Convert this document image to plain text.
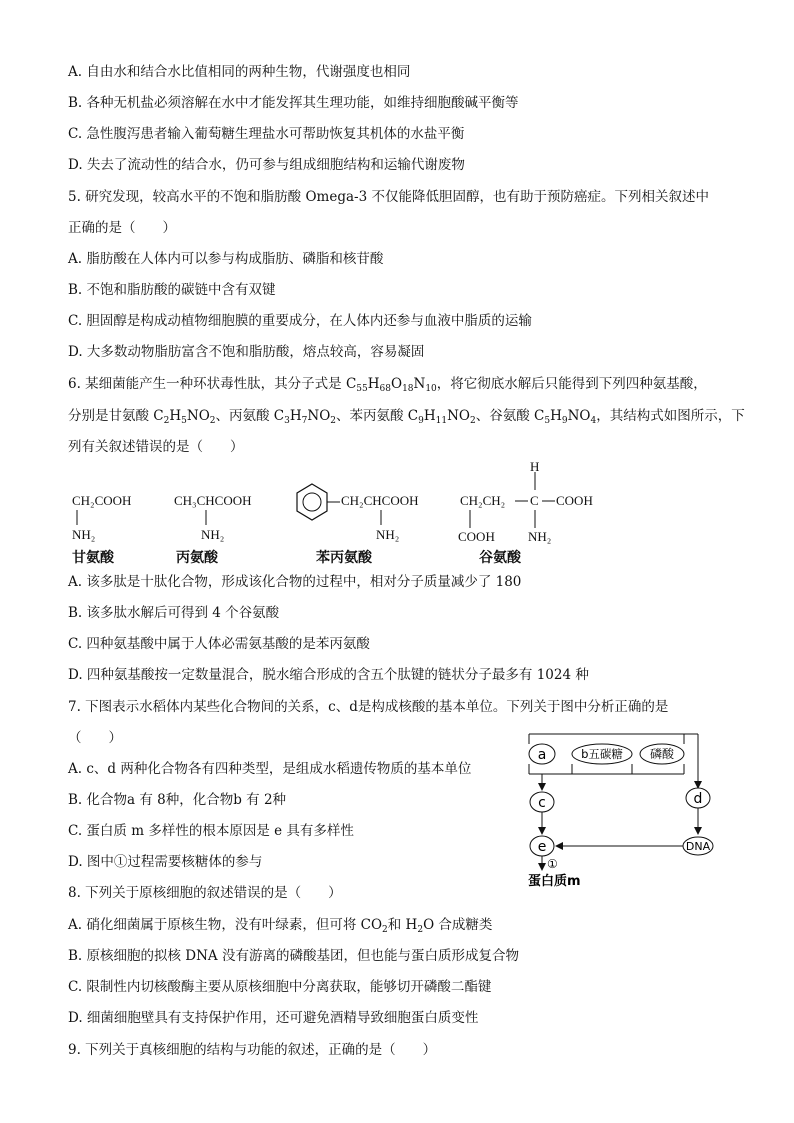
A. 自由水和结合水比值相同的两种生物，代谢强度也相同
B. 各种无机盐必须溶解在水中才能发挥其生理功能，如维持细胞酸碱平衡等
C. 急性腹泻患者输入葡萄糖生理盐水可帮助恢复其机体的水盐平衡
D. 失去了流动性的结合水，仍可参与组成细胞结构和运输代谢废物
5. 研究发现，较高水平的不饱和脂肪酸 Omega-3 不仅能降低胆固醇，也有助于预防癌症。下列相关叙述中
正确的是（　　）
A. 脂肪酸在人体内可以参与构成脂肪、磷脂和核苷酸
B. 不饱和脂肪酸的碳链中含有双键
C. 胆固醇是构成动植物细胞膜的重要成分，在人体内还参与血液中脂质的运输
D. 大多数动物脂肪富含不饱和脂肪酸，熔点较高，容易凝固
6. 某细菌能产生一种环状毒性肽，其分子式是 $C_{55}H_{68}O_{18}N_{10}$，将它彻底水解后只能得到下列四种氨基酸，
分别是甘氨酸 $C_2H_5NO_2$、丙氨酸 $C_3H_7NO_2$、苯丙氨酸 $C_9H_{11}NO_2$、谷氨酸 $C_5H_9NO_4$，其结构式如图所示，下
列有关叙述错误的是（　　）
CH₂COOH
NH₂
甘氨酸
CH₃CHCOOH
NH₂
丙氨酸
CH₂CHCOOH
NH₂
苯丙氨酸
H
CH₂CH₂ C COOH
COOH	NH₂
谷氨酸
A. 该多肽是十肽化合物，形成该化合物的过程中，相对分子质量减少了 180
B. 该多肽水解后可得到 4 个谷氨酸
C. 四种氨基酸中属于人体必需氨基酸的是苯丙氨酸
D. 四种氨基酸按一定数量混合，脱水缩合形成的含五个肽键的链状分子最多有 1024 种
7. 下图表示水稻体内某些化合物间的关系，c、d是构成核酸的基本单位。下列关于图中分析正确的是
（　　）
A. c、d 两种化合物各有四种类型，是组成水稻遗传物质的基本单位
B. 化合物a 有 8种，化合物b 有 2种
C. 蛋白质 m 多样性的根本原因是 e 具有多样性
D. 图中①过程需要核糖体的参与
a	b五碳糖 磷酸
c	d
e	DNA
①
蛋白质m
8. 下列关于原核细胞的叙述错误的是（　　）
A. 硝化细菌属于原核生物，没有叶绿素，但可将 $CO_2$和 $H_2O$ 合成糖类
B. 原核细胞的拟核 DNA 没有游离的磷酸基团，但也能与蛋白质形成复合物
C. 限制性内切核酸酶主要从原核细胞中分离获取，能够切开磷酸二酯键
D. 细菌细胞壁具有支持保护作用，还可避免酒精导致细胞蛋白质变性
9. 下列关于真核细胞的结构与功能的叙述，正确的是（　　）
